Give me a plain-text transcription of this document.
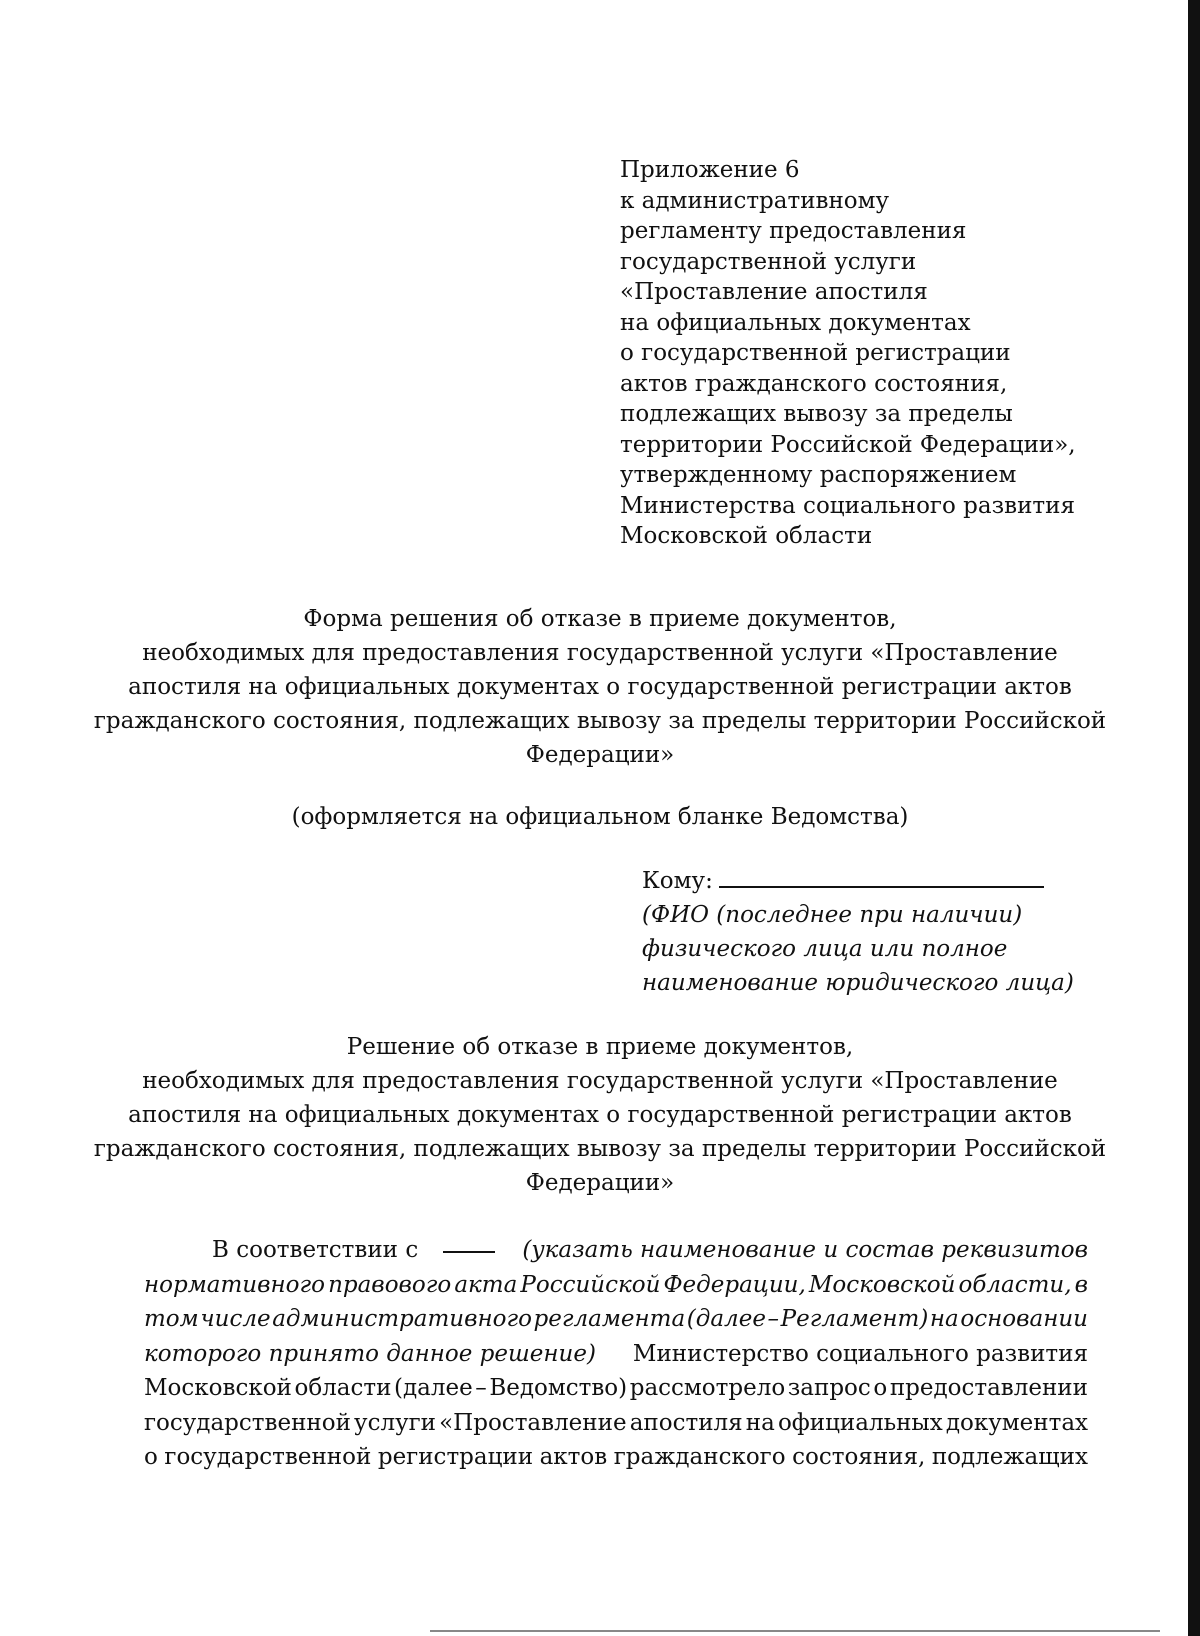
Приложение 6
к административному
регламенту предоставления
государственной услуги
«Проставление апостиля
на официальных документах
о государственной регистрации
актов гражданского состояния,
подлежащих вывозу за пределы
территории Российской Федерации»,
утвержденному распоряжением
Министерства социального развития
Московской области
Форма решения об отказе в приеме документов,
необходимых для предоставления государственной услуги «Проставление
апостиля на официальных документах о государственной регистрации актов
гражданского состояния, подлежащих вывозу за пределы территории Российской
Федерации»
(оформляется на официальном бланке Ведомства)
Кому:
(ФИО (последнее при наличии)
физического лица или полное
наименование юридического лица)
Решение об отказе в приеме документов,
необходимых для предоставления государственной услуги «Проставление
апостиля на официальных документах о государственной регистрации актов
гражданского состояния, подлежащих вывозу за пределы территории Российской
Федерации»
В соответствии с	(указать наименование и состав реквизитов
нормативного правового акта Российской Федерации, Московской области, в
том числе административного регламента (далее – Регламент) на основании
которого принято данное решение) Министерство социального развития
Московской области (далее – Ведомство) рассмотрело запрос о предоставлении
государственной услуги «Проставление апостиля на официальных документах
о государственной регистрации актов гражданского состояния, подлежащих
